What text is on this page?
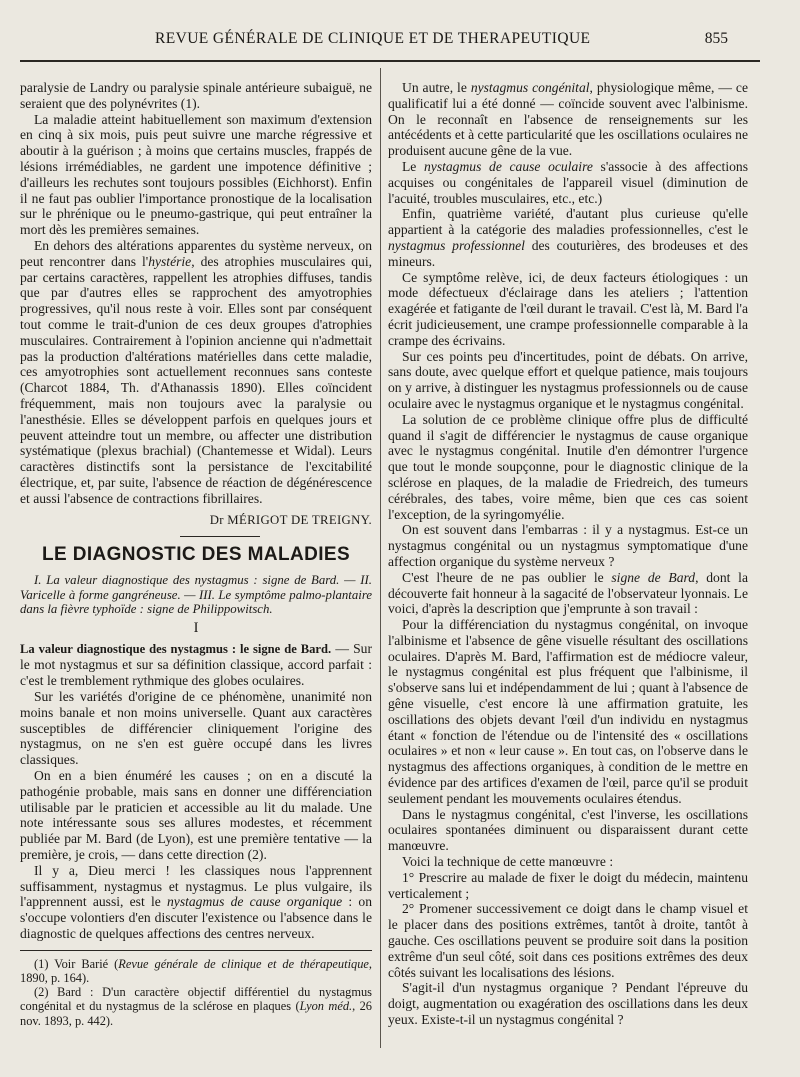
REVUE GÉNÉRALE DE CLINIQUE ET DE THERAPEUTIQUE	855

paralysie de Landry ou paralysie spinale antérieure subaiguë, ne seraient que des polynévrites (1).

La maladie atteint habituellement son maximum d'extension en cinq à six mois, puis peut suivre une marche régressive et aboutir à la guérison ; à moins que certains muscles, frappés de lésions irrémédiables, ne gardent une impotence définitive ; d'ailleurs les rechutes sont toujours possibles (Eichhorst). Enfin il ne faut pas oublier l'importance pronostique de la localisation sur le phrénique ou le pneumo-gastrique, qui peut entraîner la mort dès les premières semaines.

En dehors des altérations apparentes du système nerveux, on peut rencontrer dans l'hystérie, des atrophies musculaires qui, par certains caractères, rappellent les atrophies diffuses, tandis que par d'autres elles se rapprochent des amyotrophies progressives, qu'il nous reste à voir. Elles sont par conséquent tout comme le trait-d'union de ces deux groupes d'atrophies musculaires. Contrairement à l'opinion ancienne qui n'admettait pas la production d'altérations matérielles dans cette maladie, ces amyotrophies sont actuellement reconnues sans conteste (Charcot 1884, Th. d'Athanassis 1890). Elles coïncident fréquemment, mais non toujours avec la paralysie ou l'anesthésie. Elles se développent parfois en quelques jours et peuvent atteindre tout un membre, ou affecter une distribution systématique (plexus brachial) (Chantemesse et Widal). Leurs caractères distinctifs sont la persistance de l'excitabilité électrique, et, par suite, l'absence de réaction de dégénérescence et aussi l'absence de contractions fibrillaires.

Dr MÉRIGOT DE TREIGNY.
LE DIAGNOSTIC DES MALADIES

I. La valeur diagnostique des nystagmus : signe de Bard. — II. Varicelle à forme gangréneuse. — III. Le symptôme palmo-plantaire dans la fièvre typhoïde : signe de Philippowitsch.

I

La valeur diagnostique des nystagmus : le signe de Bard. — Sur le mot nystagmus et sur sa définition classique, accord parfait : c'est le tremblement rythmique des globes oculaires.

Sur les variétés d'origine de ce phénomène, unanimité non moins banale et non moins universelle. Quant aux caractères susceptibles de différencier cliniquement l'origine des nystagmus, on ne s'en est guère occupé dans les livres classiques.

On en a bien énuméré les causes ; on en a discuté la pathogénie probable, mais sans en donner une différenciation utilisable par le praticien et accessible au lit du malade. Une note intéressante sous ses allures modestes, et récemment publiée par M. Bard (de Lyon), est une première tentative — la première, je crois, — dans cette direction (2).

Il y a, Dieu merci ! les classiques nous l'apprennent suffisamment, nystagmus et nystagmus. Le plus vulgaire, ils l'apprennent aussi, est le nystagmus de cause organique : on s'occupe volontiers d'en discuter l'existence ou l'absence dans le diagnostic de quelques affections des centres nerveux.

(1) Voir Barié (Revue générale de clinique et de thérapeutique, 1890, p. 164).

(2) Bard : D'un caractère objectif différentiel du nystagmus congénital et du nystagmus de la sclérose en plaques (Lyon méd., 26 nov. 1893, p. 442).

Un autre, le nystagmus congénital, physiologique même, — ce qualificatif lui a été donné — coïncide souvent avec l'albinisme. On le reconnaît en l'absence de renseignements sur les antécédents et à cette particularité que les oscillations oculaires ne produisent aucune gêne de la vue.

Le nystagmus de cause oculaire s'associe à des affections acquises ou congénitales de l'appareil visuel (diminution de l'acuité, troubles musculaires, etc., etc.)

Enfin, quatrième variété, d'autant plus curieuse qu'elle appartient à la catégorie des maladies professionnelles, c'est le nystagmus professionnel des couturières, des brodeuses et des mineurs.

Ce symptôme relève, ici, de deux facteurs étiologiques : un mode défectueux d'éclairage dans les ateliers ; l'attention exagérée et fatigante de l'œil durant le travail. C'est là, M. Bard l'a écrit judicieusement, une crampe professionnelle comparable à la crampe des écrivains.

Sur ces points peu d'incertitudes, point de débats. On arrive, sans doute, avec quelque effort et quelque patience, mais toujours on y arrive, à distinguer les nystagmus professionnels ou de cause oculaire avec le nystagmus organique et le nystagmus congénital.

La solution de ce problème clinique offre plus de difficulté quand il s'agit de différencier le nystagmus de cause organique avec le nystagmus congénital. Inutile d'en démontrer l'urgence que tout le monde soupçonne, pour le diagnostic clinique de la sclérose en plaques, de la maladie de Friedreich, des tumeurs cérébrales, des tabes, voire même, bien que ces cas soient l'exception, de la syringomyélie.

On est souvent dans l'embarras : il y a nystagmus. Est-ce un nystagmus congénital ou un nystagmus symptomatique d'une affection organique du système nerveux ?

C'est l'heure de ne pas oublier le signe de Bard, dont la découverte fait honneur à la sagacité de l'observateur lyonnais. Le voici, d'après la description que j'emprunte à son travail :

Pour la différenciation du nystagmus congénital, on invoque l'albinisme et l'absence de gêne visuelle résultant des oscillations oculaires. D'après M. Bard, l'affirmation est de médiocre valeur, le nystagmus congénital est plus fréquent que l'albinisme, il s'observe sans lui et indépendamment de lui ; quant à l'absence de gêne visuelle, c'est encore là une affirmation gratuite, les oscillations des objets devant l'œil d'un individu en nystagmus étant « fonction de l'étendue ou de l'intensité des « oscillations oculaires » et non « leur cause ». En tout cas, on l'observe dans le nystagmus des affections organiques, à condition de le mettre en évidence par des artifices d'examen de l'œil, parce qu'il se produit seulement pendant les mouvements oculaires étendus.

Dans le nystagmus congénital, c'est l'inverse, les oscillations oculaires spontanées diminuent ou disparaissent durant cette manœuvre.

Voici la technique de cette manœuvre :

1° Prescrire au malade de fixer le doigt du médecin, maintenu verticalement ;

2° Promener successivement ce doigt dans le champ visuel et le placer dans des positions extrêmes, tantôt à droite, tantôt à gauche. Ces oscillations peuvent se produire soit dans la position extrême d'un seul côté, soit dans ces positions extrêmes des deux côtés suivant les localisations des lésions.

S'agit-il d'un nystagmus organique ? Pendant l'épreuve du doigt, augmentation ou exagération des oscillations dans les deux yeux. Existe-t-il un nystagmus congénital ?
